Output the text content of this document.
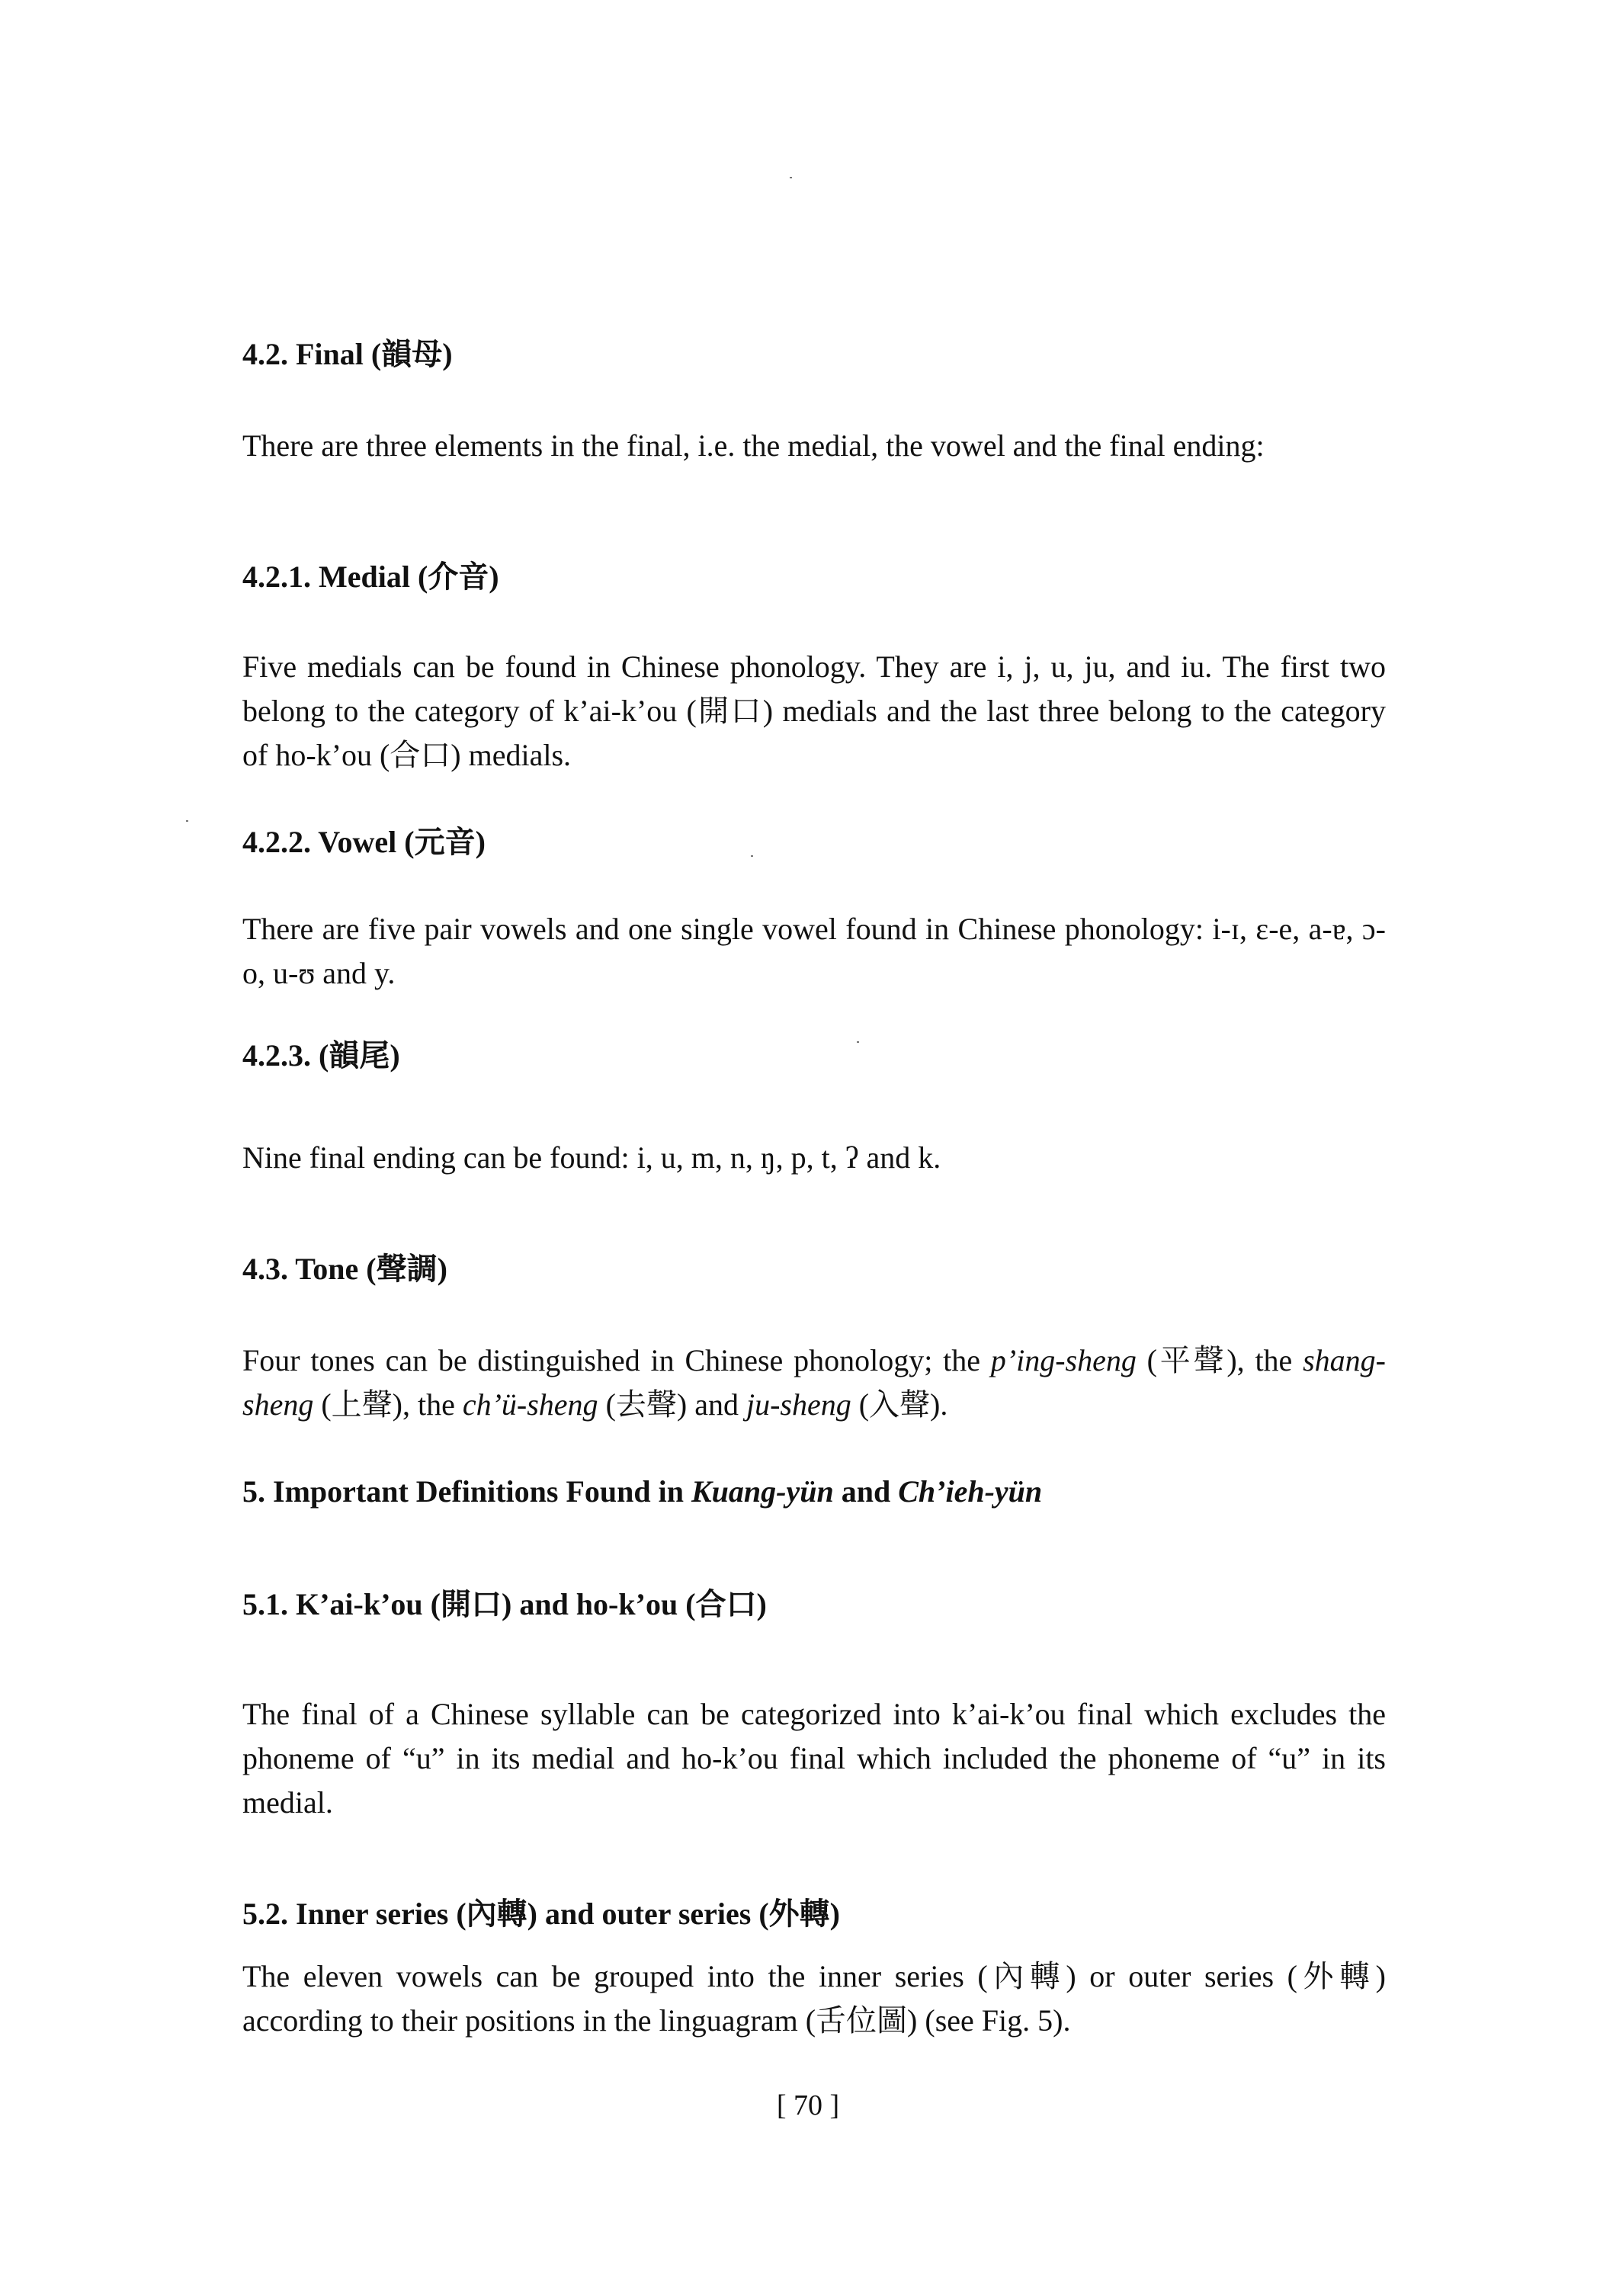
4.2. Final (韻母)
There are three elements in the final, i.e. the medial, the vowel and the final ending:
4.2.1. Medial (介音)
Five medials can be found in Chinese phonology. They are i, j, u, ju, and iu. The first two belong to the category of k’ai-k’ou (開口) medials and the last three belong to the category of ho-k’ou (合口) medials.
4.2.2. Vowel (元音)
There are five pair vowels and one single vowel found in Chinese phonology: i-ɪ, ɛ-e, a-ɐ, ɔ-o, u-ʊ and y.
4.2.3. (韻尾)
Nine final ending can be found: i, u, m, n, ŋ, p, t, ʔ and k.
4.3. Tone (聲調)
Four tones can be distinguished in Chinese phonology; the p’ing-sheng (平聲), the shang-sheng (上聲), the ch’ü-sheng (去聲) and ju-sheng (入聲).
5. Important Definitions Found in Kuang-yün and Ch’ieh-yün
5.1. K’ai-k’ou (開口) and ho-k’ou (合口)
The final of a Chinese syllable can be categorized into k’ai-k’ou final which excludes the phoneme of “u” in its medial and ho-k’ou final which included the phoneme of “u” in its medial.
5.2. Inner series (內轉) and outer series (外轉)
The eleven vowels can be grouped into the inner series (內轉) or outer series (外轉) according to their positions in the linguagram (舌位圖) (see Fig. 5).
[ 70 ]
